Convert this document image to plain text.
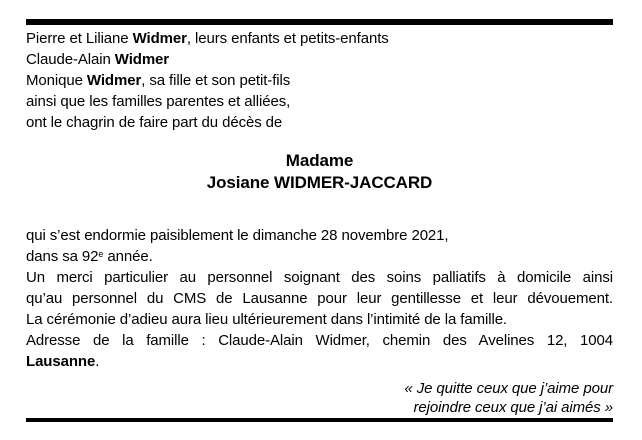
Pierre et Liliane Widmer, leurs enfants et petits-enfants
Claude-Alain Widmer
Monique Widmer, sa fille et son petit-fils
ainsi que les familles parentes et alliées,
ont le chagrin de faire part du décès de
Madame
Josiane WIDMER-JACCARD
qui s’est endormie paisiblement le dimanche 28 novembre 2021,
dans sa 92e année.
Un merci particulier au personnel soignant des soins palliatifs à domicile ainsi
qu’au personnel du CMS de Lausanne pour leur gentillesse et leur dévouement.
La cérémonie d’adieu aura lieu ultérieurement dans l’intimité de la famille.
Adresse de la famille : Claude-Alain Widmer, chemin des Avelines 12, 1004
Lausanne.
« Je quitte ceux que j’aime pour
rejoindre ceux que j’ai aimés »
